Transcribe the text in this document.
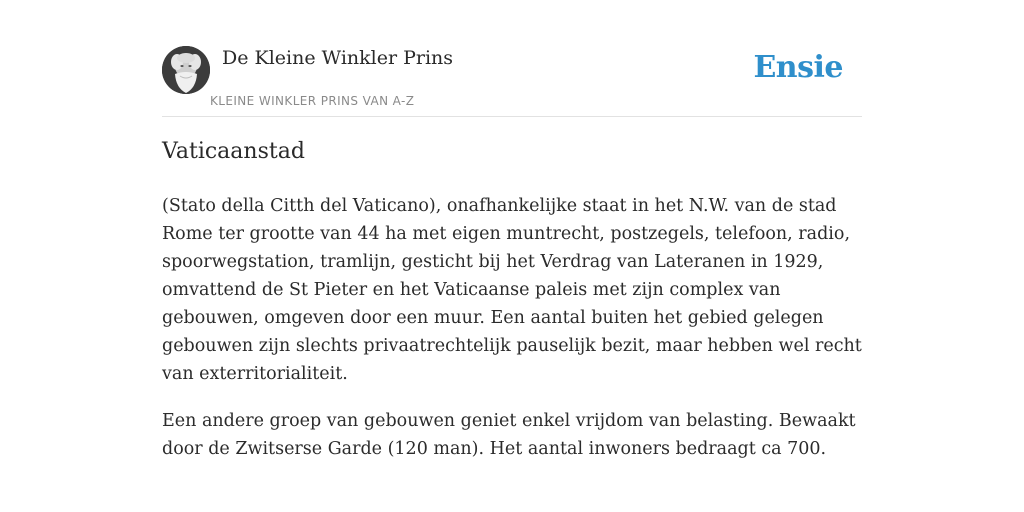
De Kleine Winkler Prins
KLEINE WINKLER PRINS VAN A-Z
Ensie
Vaticaanstad

(Stato della Citth del Vaticano), onafhankelijke staat in het N.W. van de stad Rome ter grootte van 44 ha met eigen muntrecht, postzegels, telefoon, radio, spoorwegstation, tramlijn, gesticht bij het Verdrag van Lateranen in 1929, omvattend de St Pieter en het Vaticaanse paleis met zijn complex van gebouwen, omgeven door een muur. Een aantal buiten het gebied gelegen gebouwen zijn slechts privaatrechtelijk pauselijk bezit, maar hebben wel recht van exterritorialiteit.

Een andere groep van gebouwen geniet enkel vrijdom van belasting. Bewaakt door de Zwitserse Garde (120 man). Het aantal inwoners bedraagt ca 700.
